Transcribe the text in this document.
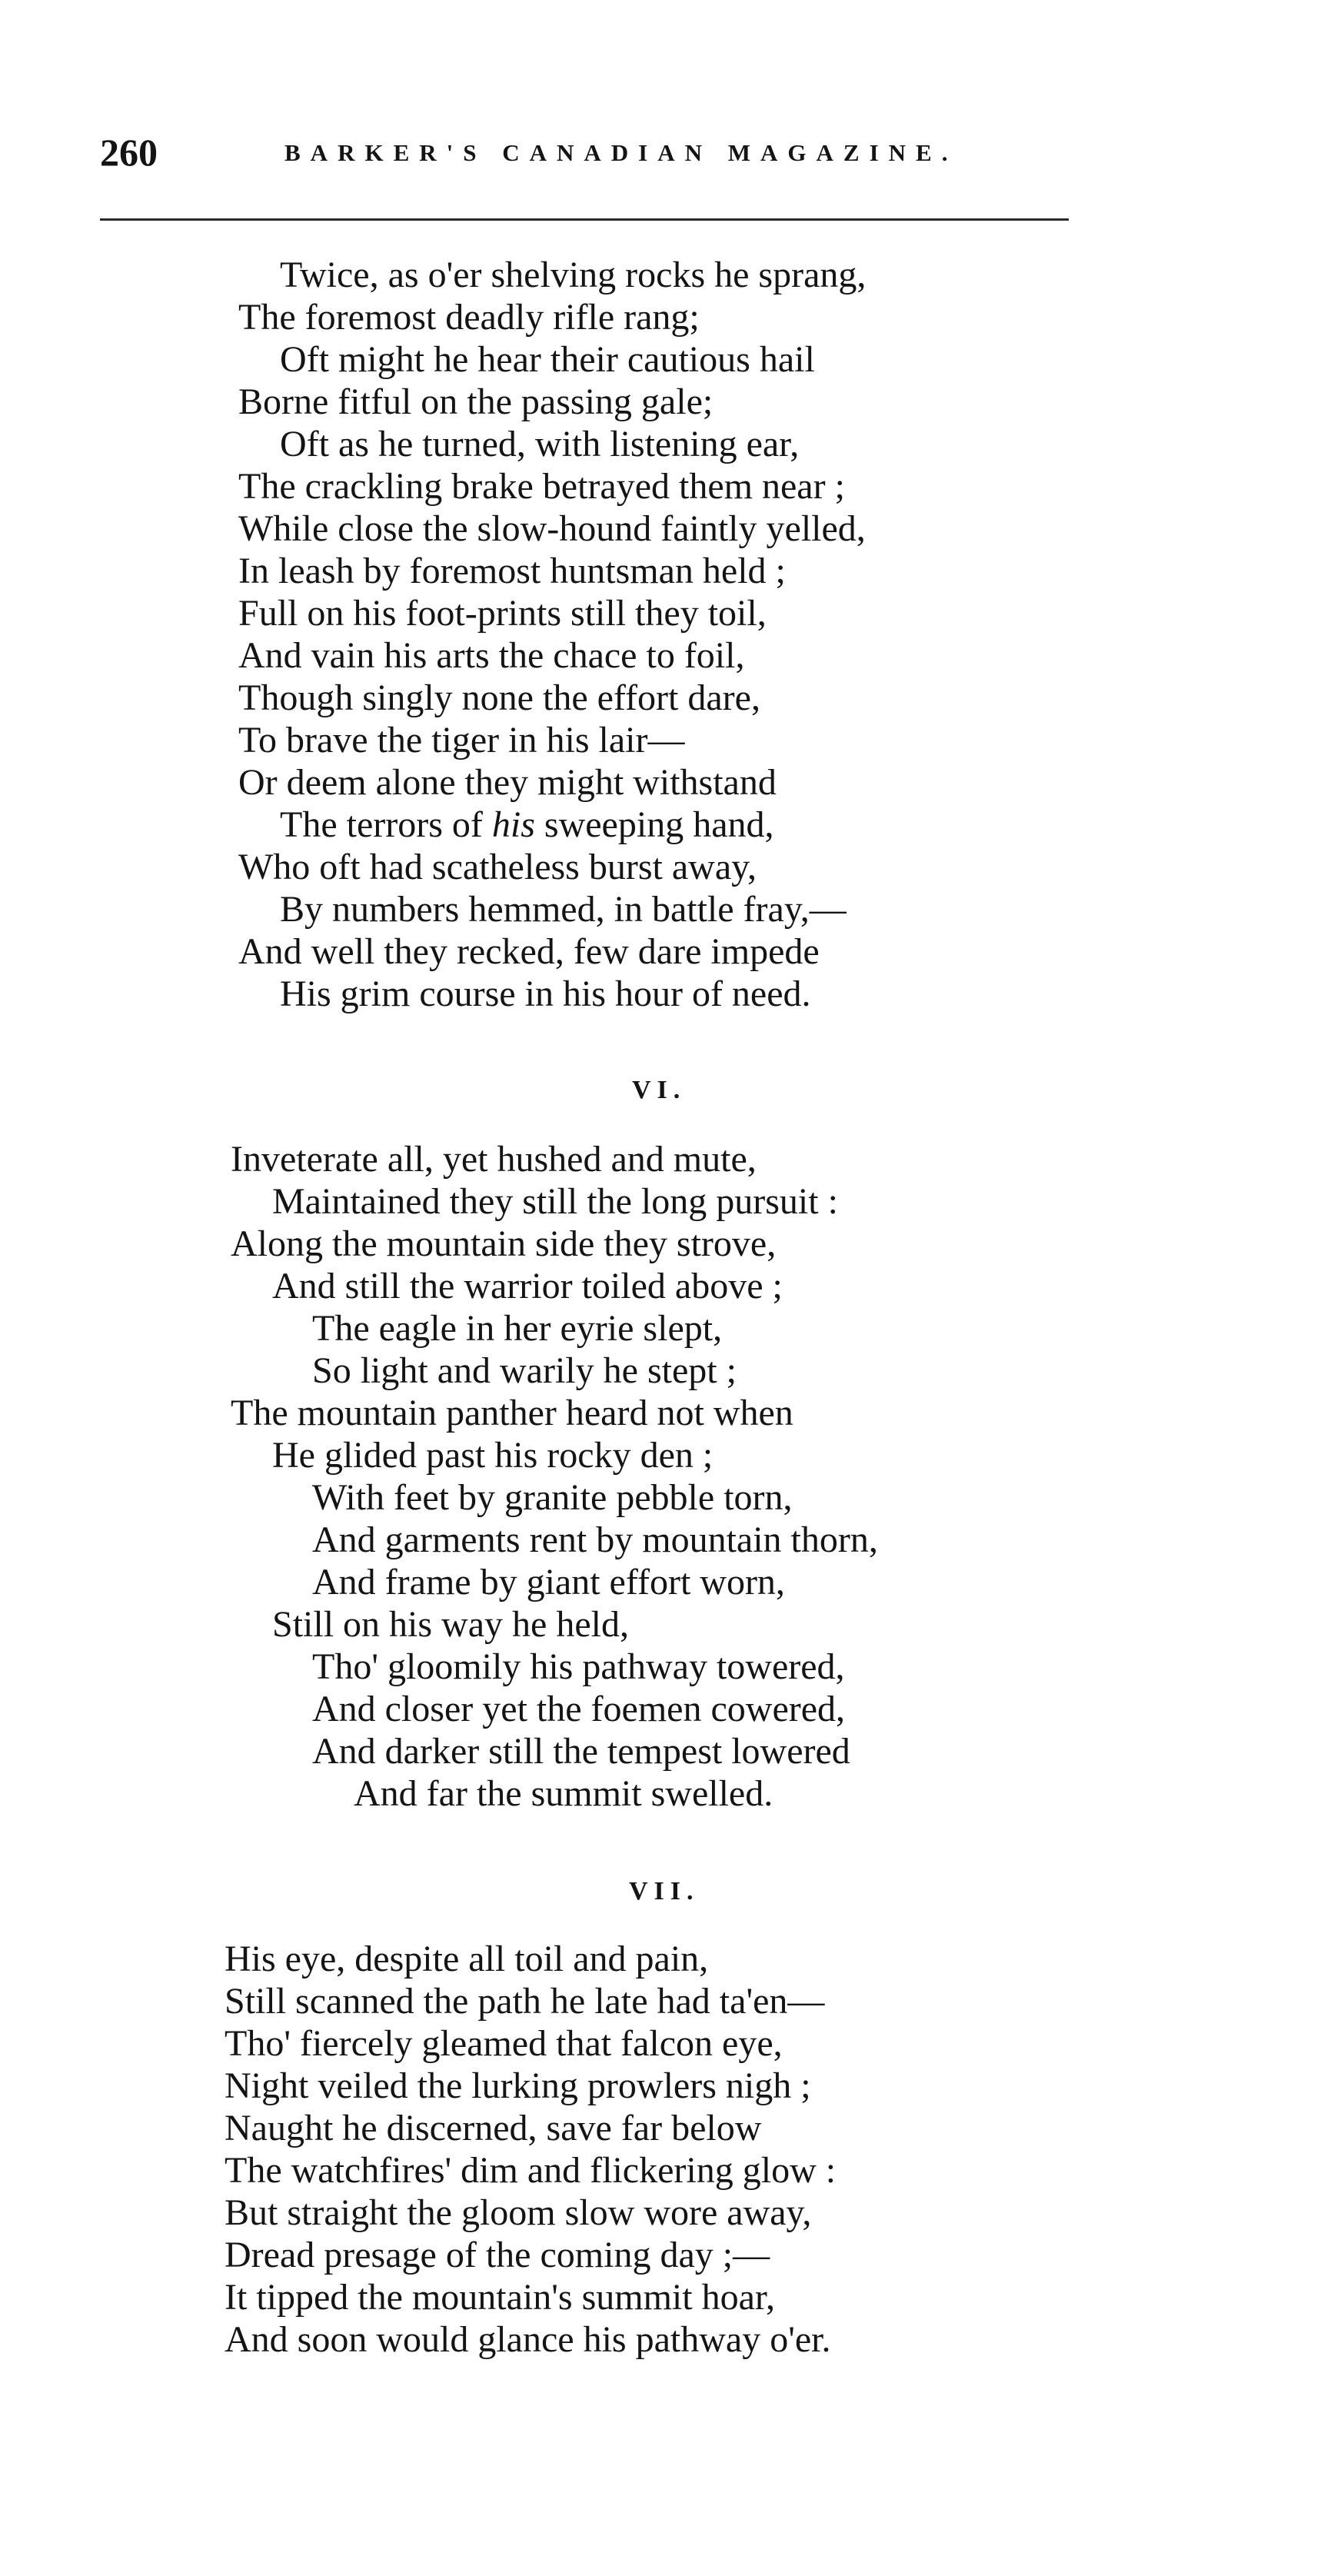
260	BARKER'S CANADIAN MAGAZINE.
Twice, as o'er shelving rocks he sprang,
The foremost deadly rifle rang;
Oft might he hear their cautious hail
Borne fitful on the passing gale;
Oft as he turned, with listening ear,
The crackling brake betrayed them near ;
While close the slow-hound faintly yelled,
In leash by foremost huntsman held ;
Full on his foot-prints still they toil,
And vain his arts the chace to foil,
Though singly none the effort dare,
To brave the tiger in his lair—
Or deem alone they might withstand
The terrors of his sweeping hand,
Who oft had scatheless burst away,
By numbers hemmed, in battle fray,—
And well they recked, few dare impede
His grim course in his hour of need.
VI.
Inveterate all, yet hushed and mute,
Maintained they still the long pursuit :
Along the mountain side they strove,
And still the warrior toiled above ;
The eagle in her eyrie slept,
So light and warily he stept ;
The mountain panther heard not when
He glided past his rocky den ;
With feet by granite pebble torn,
And garments rent by mountain thorn,
And frame by giant effort worn,
Still on his way he held,
Tho' gloomily his pathway towered,
And closer yet the foemen cowered,
And darker still the tempest lowered
And far the summit swelled.
VII.
His eye, despite all toil and pain,
Still scanned the path he late had ta'en—
Tho' fiercely gleamed that falcon eye,
Night veiled the lurking prowlers nigh ;
Naught he discerned, save far below
The watchfires' dim and flickering glow :
But straight the gloom slow wore away,
Dread presage of the coming day ;—
It tipped the mountain's summit hoar,
And soon would glance his pathway o'er.
